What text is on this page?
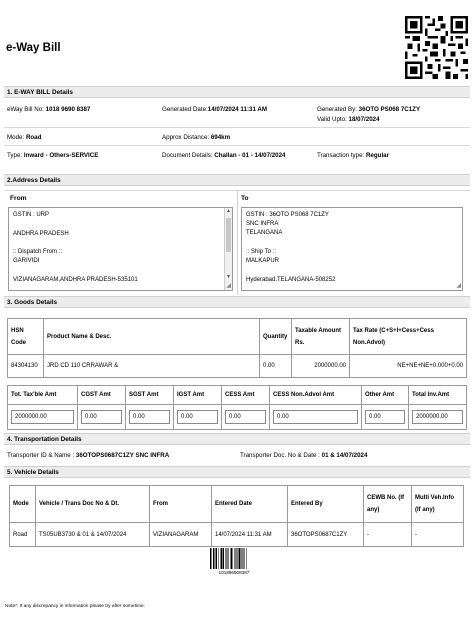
e-Way Bill
1. E-WAY BILL Details
eWay Bill No: 1018 9690 8387	Generated Date:14/07/2024 11:31 AM	Generated By: 36OTO PS068 7C1ZY
Valid Upto: 18/07/2024
Mode: Road	Approx Distance: 694km
Type: Inward - Others-SERVICE	Document Details: Challan - 01 - 14/07/2024	Transaction type: Regular
2.Address Details
From	To
GSTIN : URP
ANDHRA PRADESH
:: Dispatch From ::
GARIVIDI
VIZIANAGARAM,ANDHRA PRADESH-535101
▲
▼
◢
GSTIN : 36OTO PS068 7C1ZY
SNC INFRA
TELANGANA
:: Ship To ::
MALKAPUR
Hyderabad,TELANGANA-508252
◢
3. Goods Details
HSN Code	Product Name & Desc.	Quantity	Taxable Amount Rs.	Tax Rate (C+S+I+Cess+Cess Non.Advol)
84304130	JRD CD 110 CRRAWAR &	0.00	2000000.00	NE+NE+NE+0.000+0.00
Tot. Tax'ble Amt	CGST Amt	SGST Amt	IGST Amt	CESS Amt	CESS Non.Advol Amt	Other Amt	Total Inv.Amt

2000000.00	0.00	0.00	0.00	0.00	0.00	0.00	2000000.00
4. Transportation Details
Transporter ID & Name : 36OTOPS0687C1ZY SNC INFRA	Transporter Doc. No & Date : 01 & 14/07/2024
5. Vehicle Details
Mode	Vehicle / Trans Doc No & Dt.	From	Entered Date	Entered By	CEWB No. (If any)	Multi Veh.Info (If any)
Road	TS05UB3730 & 01 & 14/07/2024	VIZIANAGARAM	14/07/2024 11:31 AM	36OTOPS0687C1ZY	-	-
101896908387
Note*: If any discrepancy in information please try after sometime.
